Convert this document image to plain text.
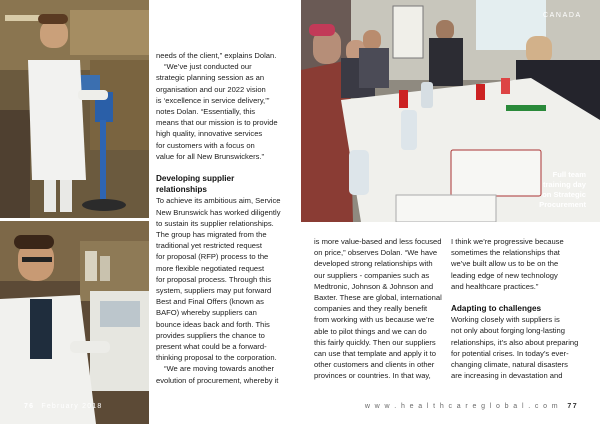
CANADA
Full team
training day
on Strategic
Procurement

needs of the client,” explains Dolan.

“We’ve just conducted our

strategic planning session as an

organisation and our 2022 vision

is ‘excellence in service delivery,’”

notes Dolan. “Essentially, this

means that our mission is to provide

high quality, innovative services

for customers with a focus on

value for all New Brunswickers.”

Developing supplier
relationships

To achieve its ambitious aim, Service

New Brunswick has worked diligently

to sustain its supplier relationships.

The group has migrated from the

traditional yet restricted request

for proposal (RFP) process to the

more flexible negotiated request

for proposal process. Through this

system, suppliers may put forward

Best and Final Offers (known as

BAFO) whereby suppliers can

bounce ideas back and forth. This

provides suppliers the chance to

present what could be a forward-

thinking proposal to the corporation.

“We are moving towards another

evolution of procurement, whereby it

is more value-based and less focused

on price,” observes Dolan. “We have

developed strong relationships with

our suppliers - companies such as

Medtronic, Johnson & Johnson and

Baxter. These are global, international

companies and they really benefit

from working with us because we’re

able to pilot things and we can do

this fairly quickly. Then our suppliers

can use that template and apply it to

other customers and clients in other

provinces or countries. In that way,

I think we’re progressive because

sometimes the relationships that

we’ve built allow us to be on the

leading edge of new technology

and healthcare practices.”

Adapting to challenges

Working closely with suppliers is

not only about forging long-lasting

relationships, it’s also about preparing

for potential crises. In today’s ever-

changing climate, natural disasters

are increasing in devastation and

76 February 2018	w w w . h e a l t h c a r e g l o b a l . c o m 77
